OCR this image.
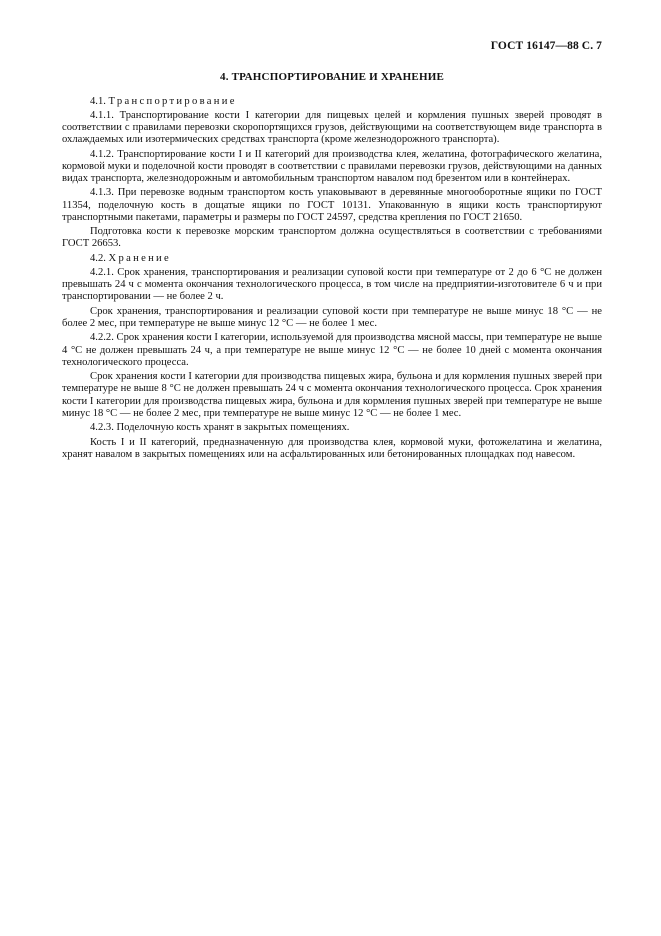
ГОСТ 16147—88 С. 7
4. ТРАНСПОРТИРОВАНИЕ И ХРАНЕНИЕ
4.1. Транспортирование

4.1.1. Транспортирование кости I категории для пищевых целей и кормления пушных зверей проводят в соответствии с правилами перевозки скоропортящихся грузов, действующими на соответствующем виде транспорта в охлаждаемых или изотермических средствах транспорта (кроме железнодорожного транспорта).

4.1.2. Транспортирование кости I и II категорий для производства клея, желатина, фотографического желатина, кормовой муки и поделочной кости проводят в соответствии с правилами перевозки грузов, действующими на данных видах транспорта, железнодорожным и автомобильным транспортом навалом под брезентом или в контейнерах.

4.1.3. При перевозке водным транспортом кость упаковывают в деревянные многооборотные ящики по ГОСТ 11354, поделочную кость в дощатые ящики по ГОСТ 10131. Упакованную в ящики кость транспортируют транспортными пакетами, параметры и размеры по ГОСТ 24597, средства крепления по ГОСТ 21650.

Подготовка кости к перевозке морским транспортом должна осуществляться в соответствии с требованиями ГОСТ 26653.

4.2. Хранение

4.2.1. Срок хранения, транспортирования и реализации суповой кости при температуре от 2 до 6 °С не должен превышать 24 ч с момента окончания технологического процесса, в том числе на предприятии-изготовителе 6 ч и при транспортировании — не более 2 ч.

Срок хранения, транспортирования и реализации суповой кости при температуре не выше минус 18 °С — не более 2 мес, при температуре не выше минус 12 °С — не более 1 мес.

4.2.2. Срок хранения кости I категории, используемой для производства мясной массы, при температуре не выше 4 °С не должен превышать 24 ч, а при температуре не выше минус 12 °С — не более 10 дней с момента окончания технологического процесса.

Срок хранения кости I категории для производства пищевых жира, бульона и для кормления пушных зверей при температуре не выше 8 °С не должен превышать 24 ч с момента окончания технологического процесса. Срок хранения кости I категории для производства пищевых жира, бульона и для кормления пушных зверей при температуре не выше минус 18 °С — не более 2 мес, при температуре не выше минус 12 °С — не более 1 мес.

4.2.3. Поделочную кость хранят в закрытых помещениях.

Кость I и II категорий, предназначенную для производства клея, кормовой муки, фотожелатина и желатина, хранят навалом в закрытых помещениях или на асфальтированных или бетонированных площадках под навесом.
